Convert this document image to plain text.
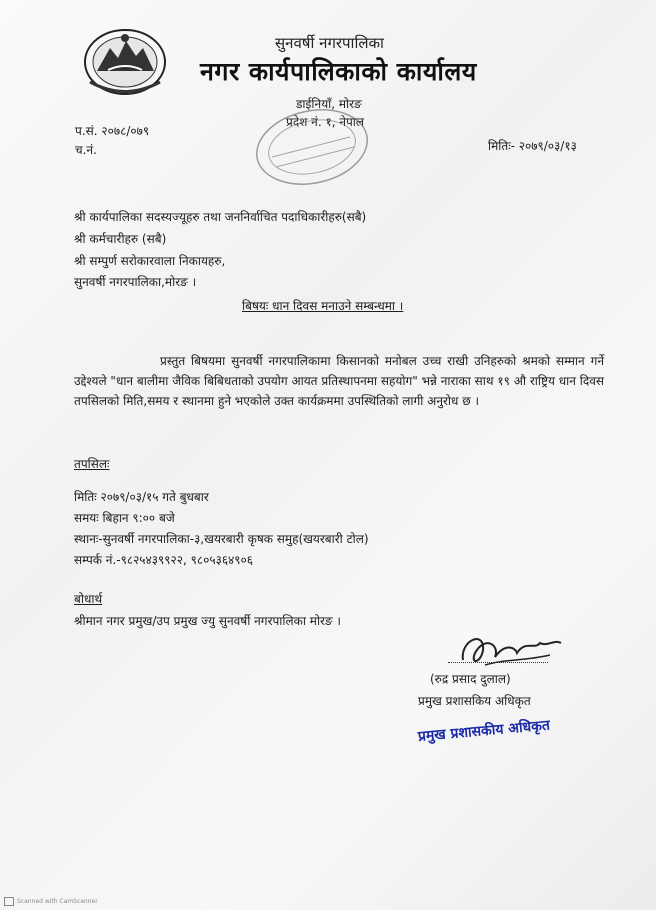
सुनवर्षी नगरपालिका
नगर कार्यपालिकाको कार्यालय
डाईनियाँ, मोरङ
प्रदेश नं. १, नेपाल
प.सं. २०७८/०७९
च.नं.	मितिः- २०७९/०३/१३
श्री कार्यपालिका सदस्यज्यूहरु तथा जननिर्वाचित पदाधिकारीहरु(सबै)
श्री कर्मचारीहरु (सबै)
श्री सम्पुर्ण सरोकारवाला निकायहरु,
सुनवर्षी नगरपालिका,मोरङ ।
बिषयः धान दिवस मनाउने सम्बन्धमा ।
प्रस्तुत बिषयमा सुनवर्षी नगरपालिकामा किसानको मनोबल उच्च राखी उनिहरुको श्रमको सम्मान गर्ने उद्देश्यले "धान बालीमा जैविक बिबिधताको उपयोग आयत प्रतिस्थापनमा सहयोग" भन्ने नाराका साथ १९ औ राष्ट्रिय धान दिवस तपसिलको मिति,समय र स्थानमा हुने भएकोले उक्त कार्यक्रममा उपस्थितिको लागी अनुरोध छ ।
तपसिलः
मितिः २०७९/०३/१५ गते बुधबार
समयः बिहान ९:०० बजे
स्थानः-सुनवर्षी नगरपालिका-३,खयरबारी कृषक समुह(खयरबारी टोल)
सम्पर्क नं.-९८२५४३९९२२, ९८०५३६४९०६
बोधार्थ
श्रीमान नगर प्रमुख/उप प्रमुख ज्यु सुनवर्षी नगरपालिका मोरङ ।
(रुद्र प्रसाद दुलाल)
प्रमुख प्रशासकिय अधिकृत
प्रमुख प्रशासकीय अधिकृत
Scanned with CamScanner
